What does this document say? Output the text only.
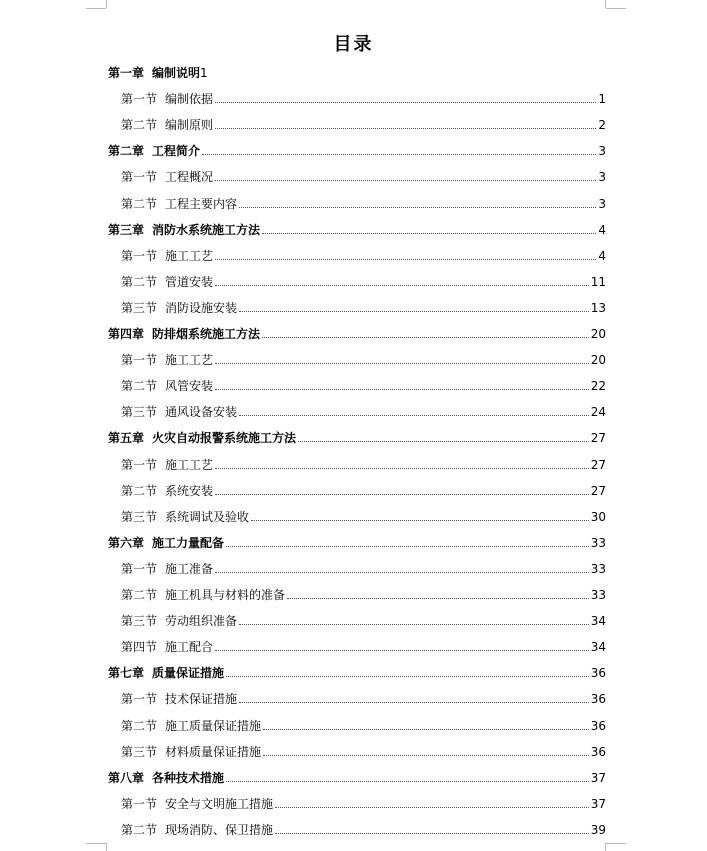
目录
第一章 编制说明 1
第一节 编制依据	1
第二节 编制原则	2
第二章 工程简介	3
第一节 工程概况	3
第二节 工程主要内容	3
第三章 消防水系统施工方法	4
第一节 施工工艺	4
第二节 管道安装	11
第三节 消防设施安装	13
第四章 防排烟系统施工方法	20
第一节 施工工艺	20
第二节 风管安装	22
第三节 通风设备安装	24
第五章 火灾自动报警系统施工方法	27
第一节 施工工艺	27
第二节 系统安装	27
第三节 系统调试及验收	30
第六章 施工力量配备	33
第一节 施工准备	33
第二节 施工机具与材料的准备	33
第三节 劳动组织准备	34
第四节 施工配合	34
第七章 质量保证措施	36
第一节 技术保证措施	36
第二节 施工质量保证措施	36
第三节 材料质量保证措施	36
第八章 各种技术措施	37
第一节 安全与文明施工措施	37
第二节 现场消防、保卫措施	39
